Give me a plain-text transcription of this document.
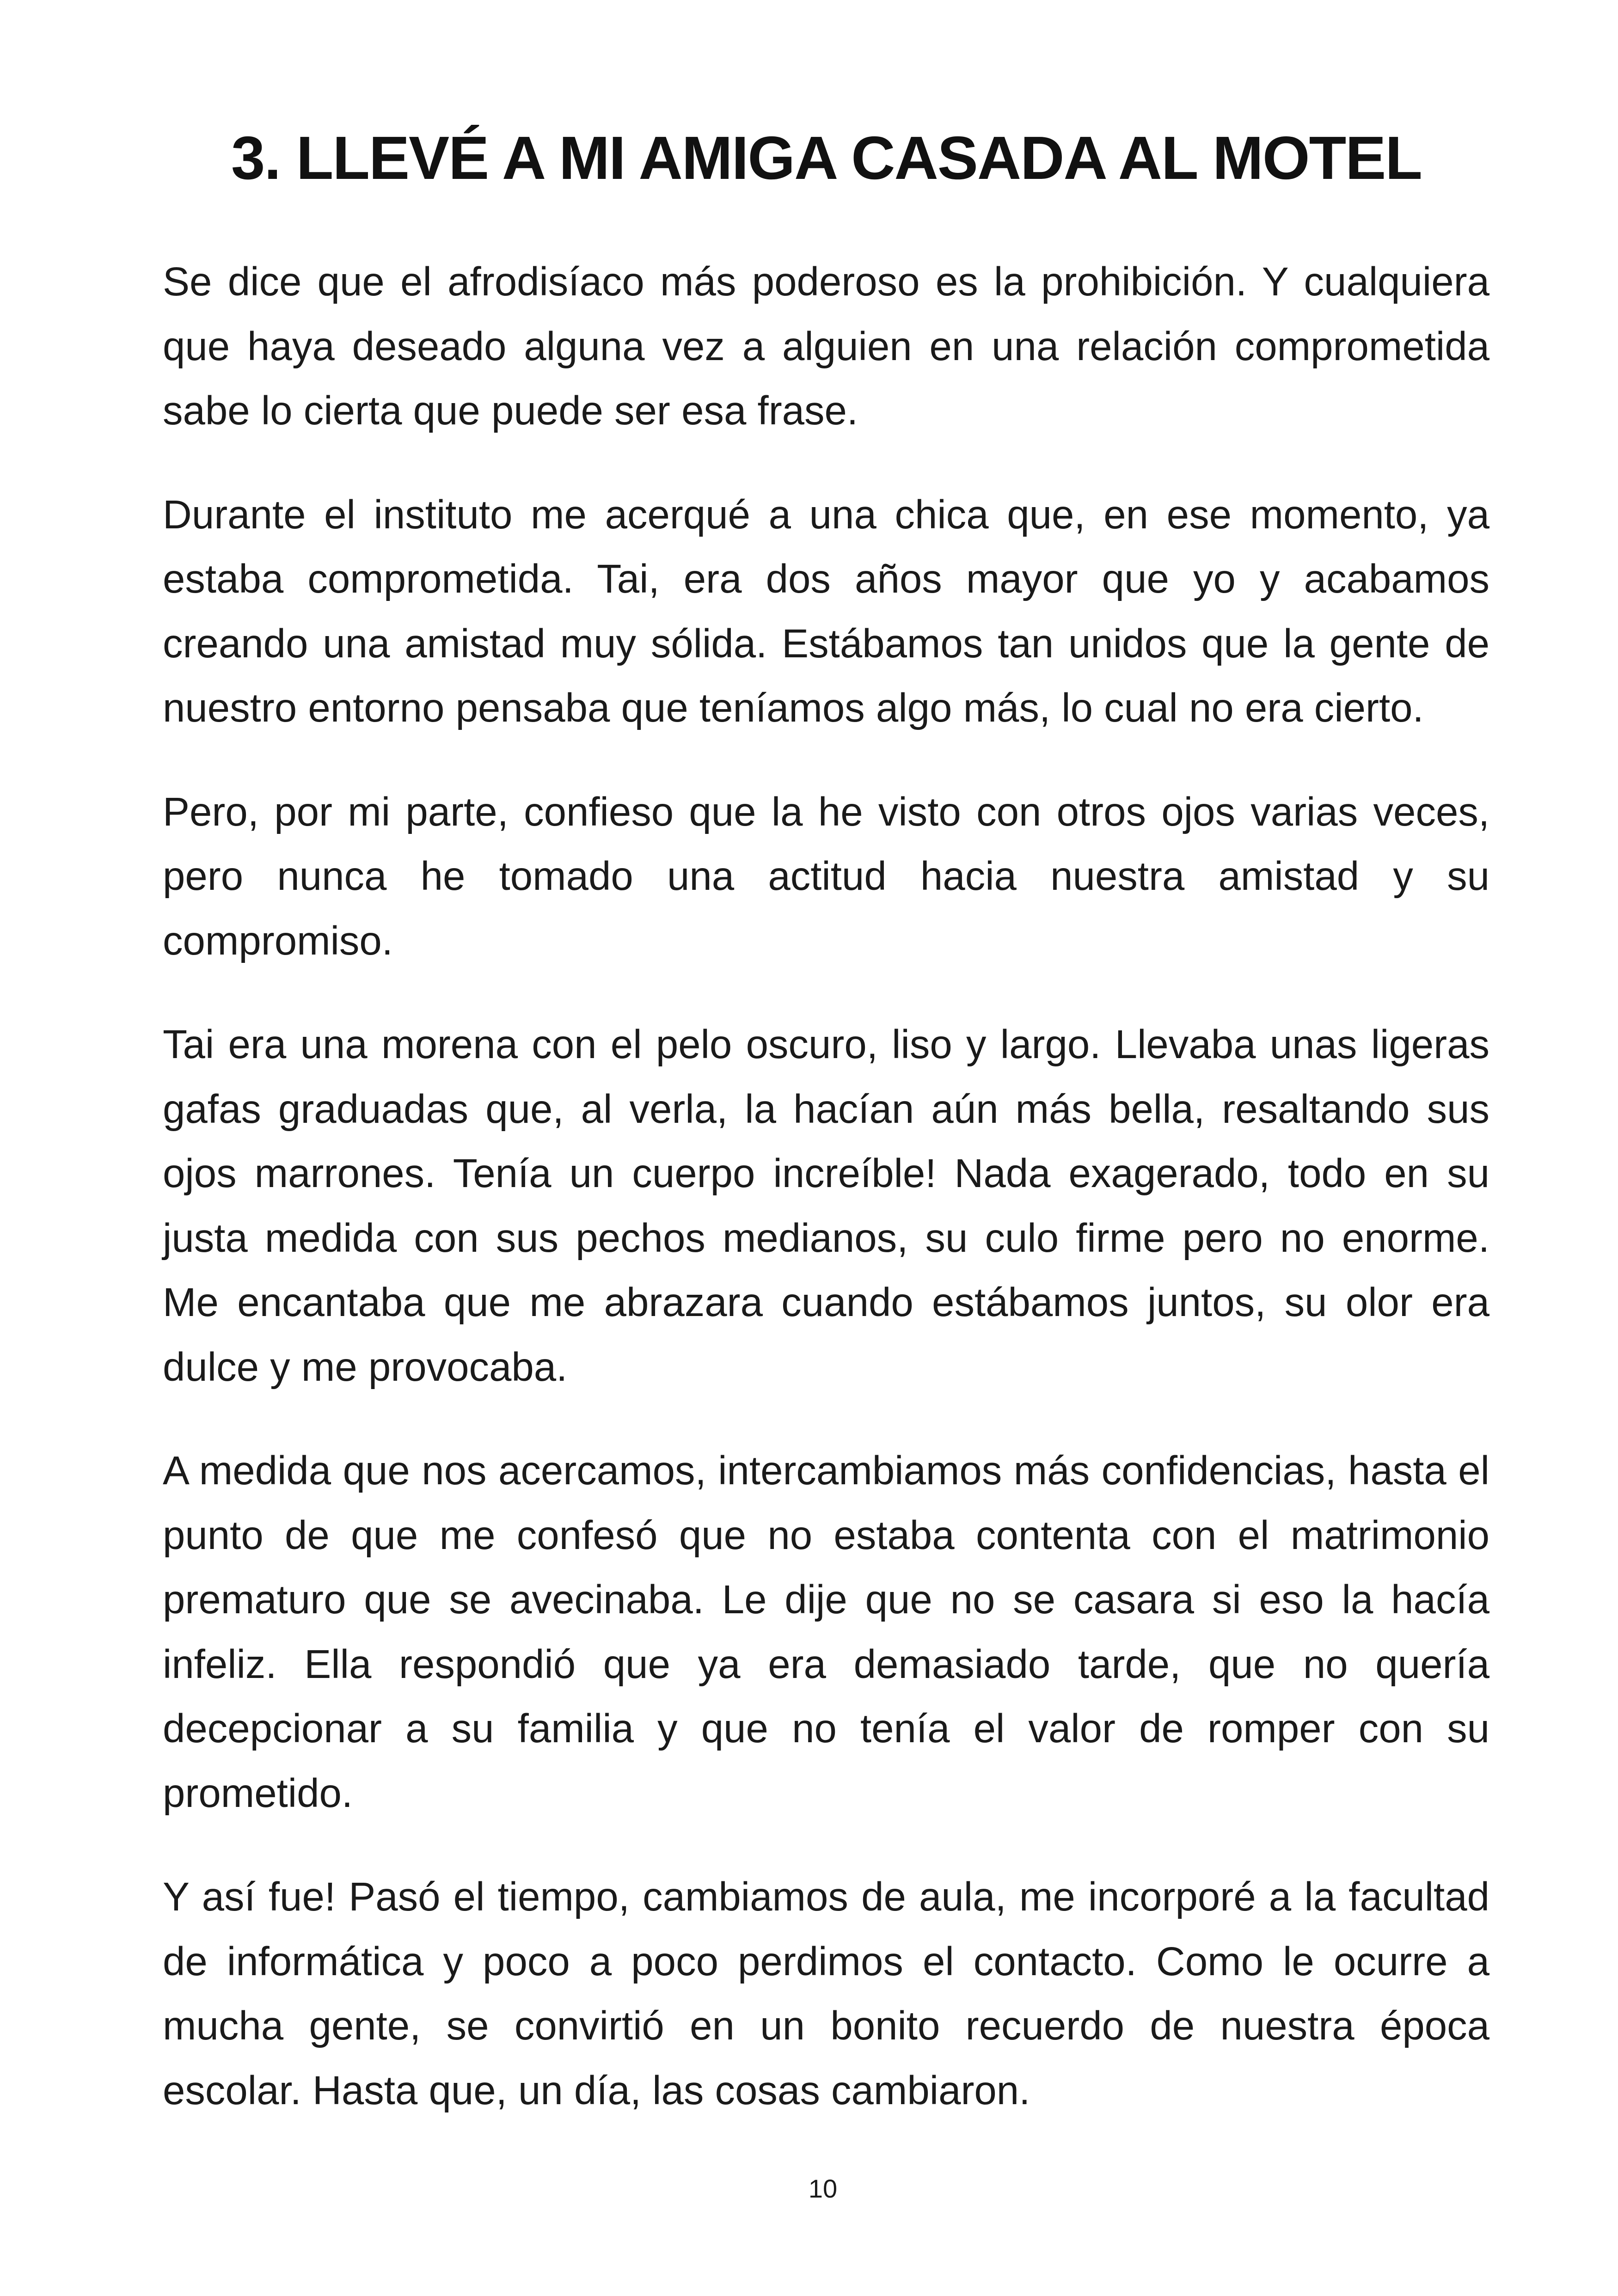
3. LLEVÉ A MI AMIGA CASADA AL MOTEL

Se dice que el afrodisíaco más poderoso es la prohibición. Y cualquiera que haya deseado alguna vez a alguien en una relación comprometida sabe lo cierta que puede ser esa frase.

Durante el instituto me acerqué a una chica que, en ese momento, ya estaba comprometida. Tai, era dos años mayor que yo y acabamos creando una amistad muy sólida. Estábamos tan unidos que la gente de nuestro entorno pensaba que teníamos algo más, lo cual no era cierto.

Pero, por mi parte, confieso que la he visto con otros ojos varias veces, pero nunca he tomado una actitud hacia nuestra amistad y su compromiso.

Tai era una morena con el pelo oscuro, liso y largo. Llevaba unas ligeras gafas graduadas que, al verla, la hacían aún más bella, resaltando sus ojos marrones. Tenía un cuerpo increíble! Nada exagerado, todo en su justa medida con sus pechos medianos, su culo firme pero no enorme. Me encantaba que me abrazara cuando estábamos juntos, su olor era dulce y me provocaba.

A medida que nos acercamos, intercambiamos más confidencias, hasta el punto de que me confesó que no estaba contenta con el matrimonio prematuro que se avecinaba. Le dije que no se casara si eso la hacía infeliz. Ella respondió que ya era demasiado tarde, que no quería decepcionar a su familia y que no tenía el valor de romper con su prometido.

Y así fue! Pasó el tiempo, cambiamos de aula, me incorporé a la facultad de informática y poco a poco perdimos el contacto. Como le ocurre a mucha gente, se convirtió en un bonito recuerdo de nuestra época escolar. Hasta que, un día, las cosas cambiaron.

10
